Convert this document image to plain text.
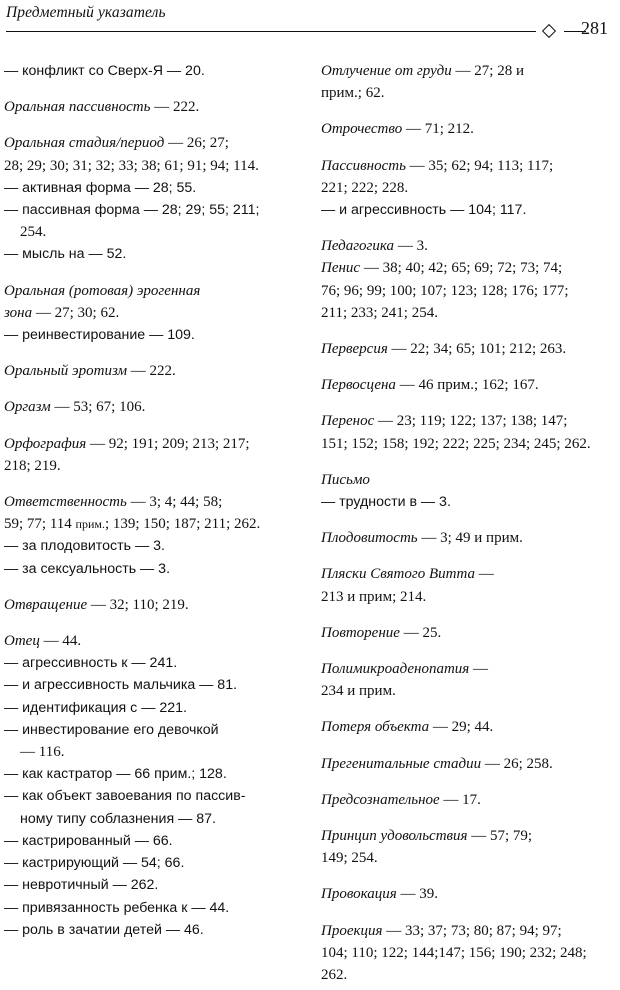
Предметный указатель
281
— конфликт со Сверх-Я — 20.
Оральная пассивность — 222.
Оральная стадия/период — 26; 27;
28; 29; 30; 31; 32; 33; 38; 61; 91; 94; 114.
— активная форма — 28; 55.
— пассивная форма — 28; 29; 55; 211;
254.
— мысль на — 52.
Оральная (ротовая) эрогенная
зона — 27; 30; 62.
— реинвестирование — 109.
Оральный эротизм — 222.
Оргазм — 53; 67; 106.
Орфография — 92; 191; 209; 213; 217;
218; 219.
Ответственность — 3; 4; 44; 58;
59; 77; 114 прим.; 139; 150; 187; 211; 262.
— за плодовитость — 3.
— за сексуальность — 3.
Отвращение — 32; 110; 219.
Отец — 44.
— агрессивность к — 241.
— и агрессивность мальчика — 81.
— идентификация с — 221.
— инвестирование его девочкой
— 116.
— как кастратор — 66 прим.; 128.
— как объект завоевания по пассив-
ному типу соблазнения — 87.
— кастрированный — 66.
— кастрирующий — 54; 66.
— невротичный — 262.
— привязанность ребенка к — 44.
— роль в зачатии детей — 46.
Отлучение от груди — 27; 28 и
прим.; 62.
Отрочество — 71; 212.
Пассивность — 35; 62; 94; 113; 117;
221; 222; 228.
— и агрессивность — 104; 117.
Педагогика — 3.
Пенис — 38; 40; 42; 65; 69; 72; 73; 74;
76; 96; 99; 100; 107; 123; 128; 176; 177;
211; 233; 241; 254.
Перверсия — 22; 34; 65; 101; 212; 263.
Первосцена — 46 прим.; 162; 167.
Перенос — 23; 119; 122; 137; 138; 147;
151; 152; 158; 192; 222; 225; 234; 245; 262.
Письмо
— трудности в — 3.
Плодовитость — 3; 49 и прим.
Пляски Святого Витта —
213 и прим; 214.
Повторение — 25.
Полимикроаденопатия —
234 и прим.
Потеря объекта — 29; 44.
Прегенитальные стадии — 26; 258.
Предсознательное — 17.
Принцип удовольствия — 57; 79;
149; 254.
Провокация — 39.
Проекция — 33; 37; 73; 80; 87; 94; 97;
104; 110; 122; 144;147; 156; 190; 232; 248;
262.
